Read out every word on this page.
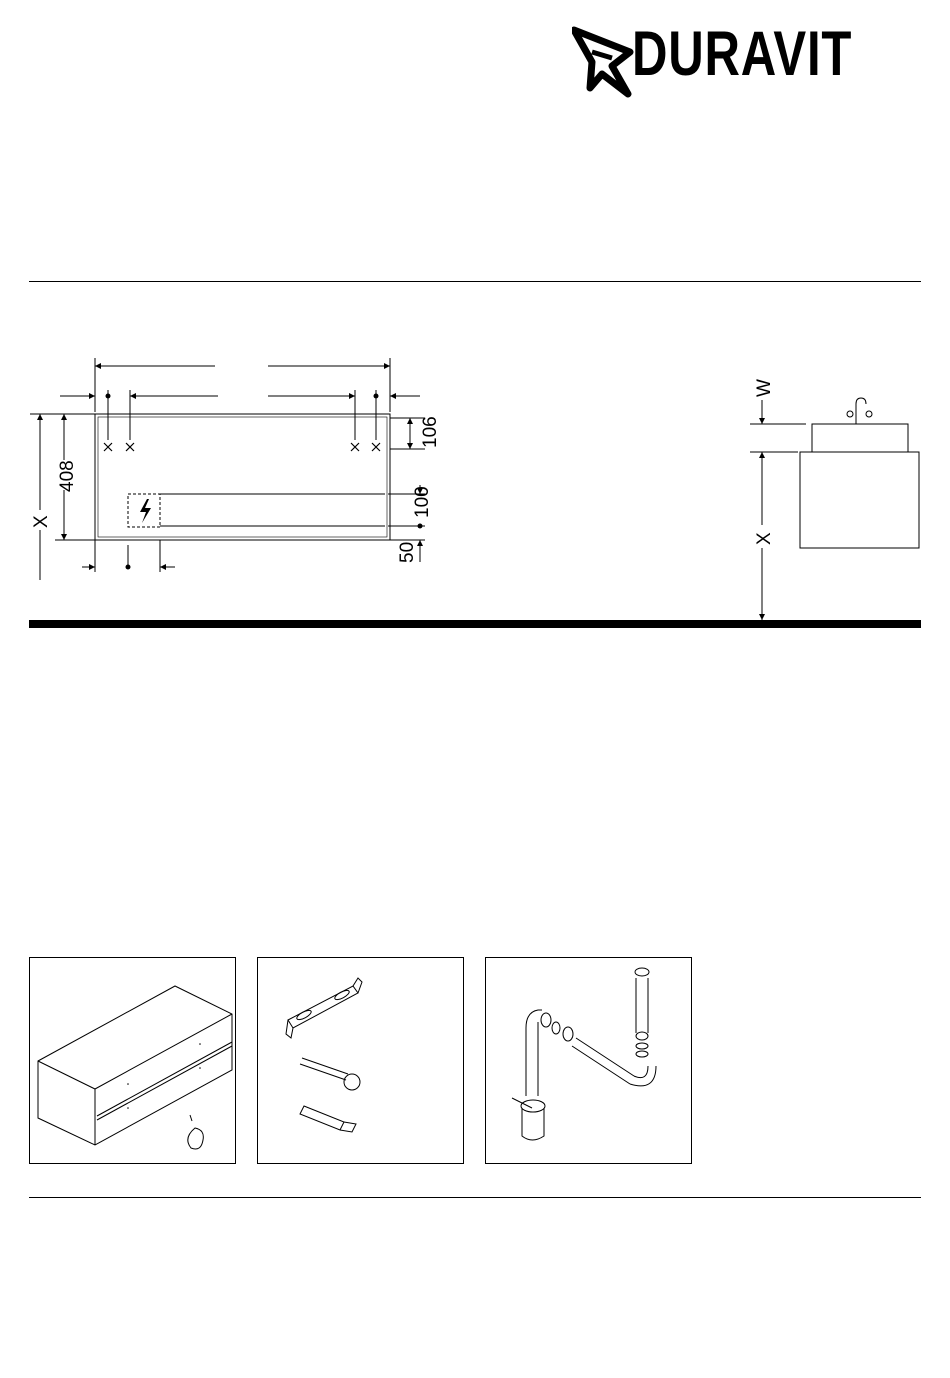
DURAVIT
408
X
106
100
50
W
X
